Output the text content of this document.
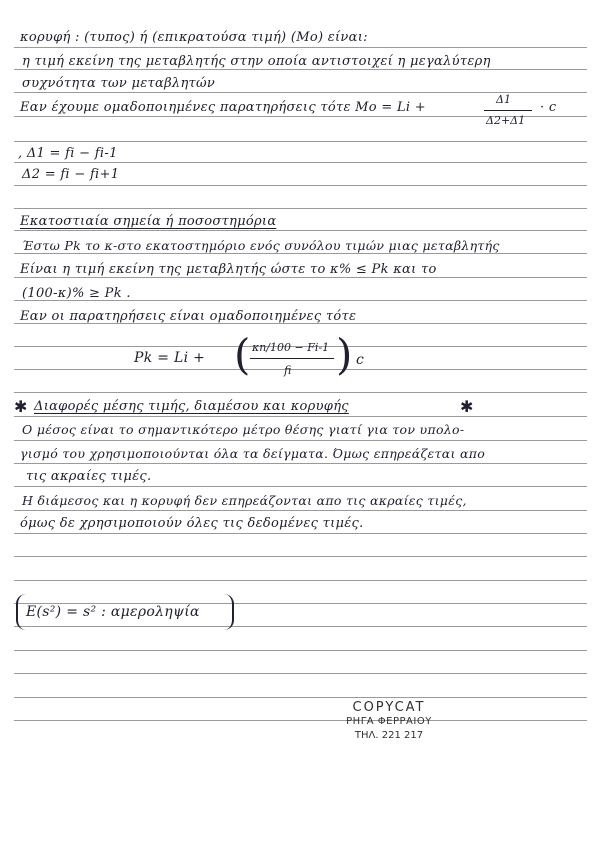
κορυφή : (τυπος) ή (επικρατούσα τιμή) (Mo) είναι:
η τιμή εκείνη της μεταβλητής στην οποία αντιστοιχεί η μεγαλύτερη
συχνότητα των μεταβλητών
Εαν έχουμε ομαδοποιημένες παρατηρήσεις τότε Mo = Li +
Δ1
Δ2+Δ1
· c
, Δ1 = fi − fi-1
Δ2 = fi − fi+1
Εκατοστιαία σημεία ή ποσοστημόρια
Έστω Pk το κ-στο εκατοστημόριο ενός συνόλου τιμών μιας μεταβλητής
Είναι η τιμή εκείνη της μεταβλητής ώστε το κ% ≤ Pk και το
(100-κ)% ≥ Pk .
Εαν οι παρατηρήσεις είναι ομαδοποιημένες τότε
Pk = Li + ( κn/100 − Fi-1
fi ) c
✱ Διαφορές μέσης τιμής, διαμέσου και κορυφής	✱
Ο μέσος είναι το σημαντικότερο μέτρο θέσης γιατί για τον υπολο-
γισμό του χρησιμοποιούνται όλα τα δείγματα. Όμως επηρεάζεται απο
τις ακραίες τιμές.
Η διάμεσος και η κορυφή δεν επηρεάζονται απο τις ακραίες τιμές,
όμως δε χρησιμοποιούν όλες τις δεδομένες τιμές.
E(s²) = s² : αμεροληψία
COPYCAT
ΡΗΓΑ ΦΕΡΡΑΙΟΥ
ΤΗΛ. 221 217
